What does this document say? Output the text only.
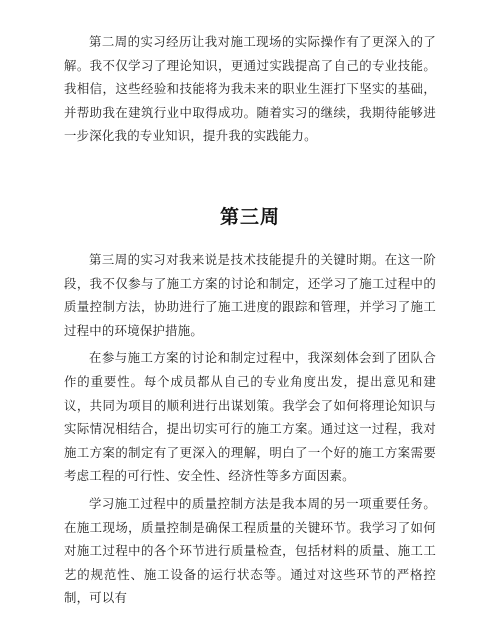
第二周的实习经历让我对施工现场的实际操作有了更深入的了解。我不仅学习了理论知识，更通过实践提高了自己的专业技能。我相信，这些经验和技能将为我未来的职业生涯打下坚实的基础，并帮助我在建筑行业中取得成功。随着实习的继续，我期待能够进一步深化我的专业知识，提升我的实践能力。

第三周

第三周的实习对我来说是技术技能提升的关键时期。在这一阶段，我不仅参与了施工方案的讨论和制定，还学习了施工过程中的质量控制方法，协助进行了施工进度的跟踪和管理，并学习了施工过程中的环境保护措施。

在参与施工方案的讨论和制定过程中，我深刻体会到了团队合作的重要性。每个成员都从自己的专业角度出发，提出意见和建议，共同为项目的顺利进行出谋划策。我学会了如何将理论知识与实际情况相结合，提出切实可行的施工方案。通过这一过程，我对施工方案的制定有了更深入的理解，明白了一个好的施工方案需要考虑工程的可行性、安全性、经济性等多方面因素。

学习施工过程中的质量控制方法是我本周的另一项重要任务。在施工现场，质量控制是确保工程质量的关键环节。我学习了如何对施工过程中的各个环节进行质量检查，包括材料的质量、施工工艺的规范性、施工设备的运行状态等。通过对这些环节的严格控制，可以有
